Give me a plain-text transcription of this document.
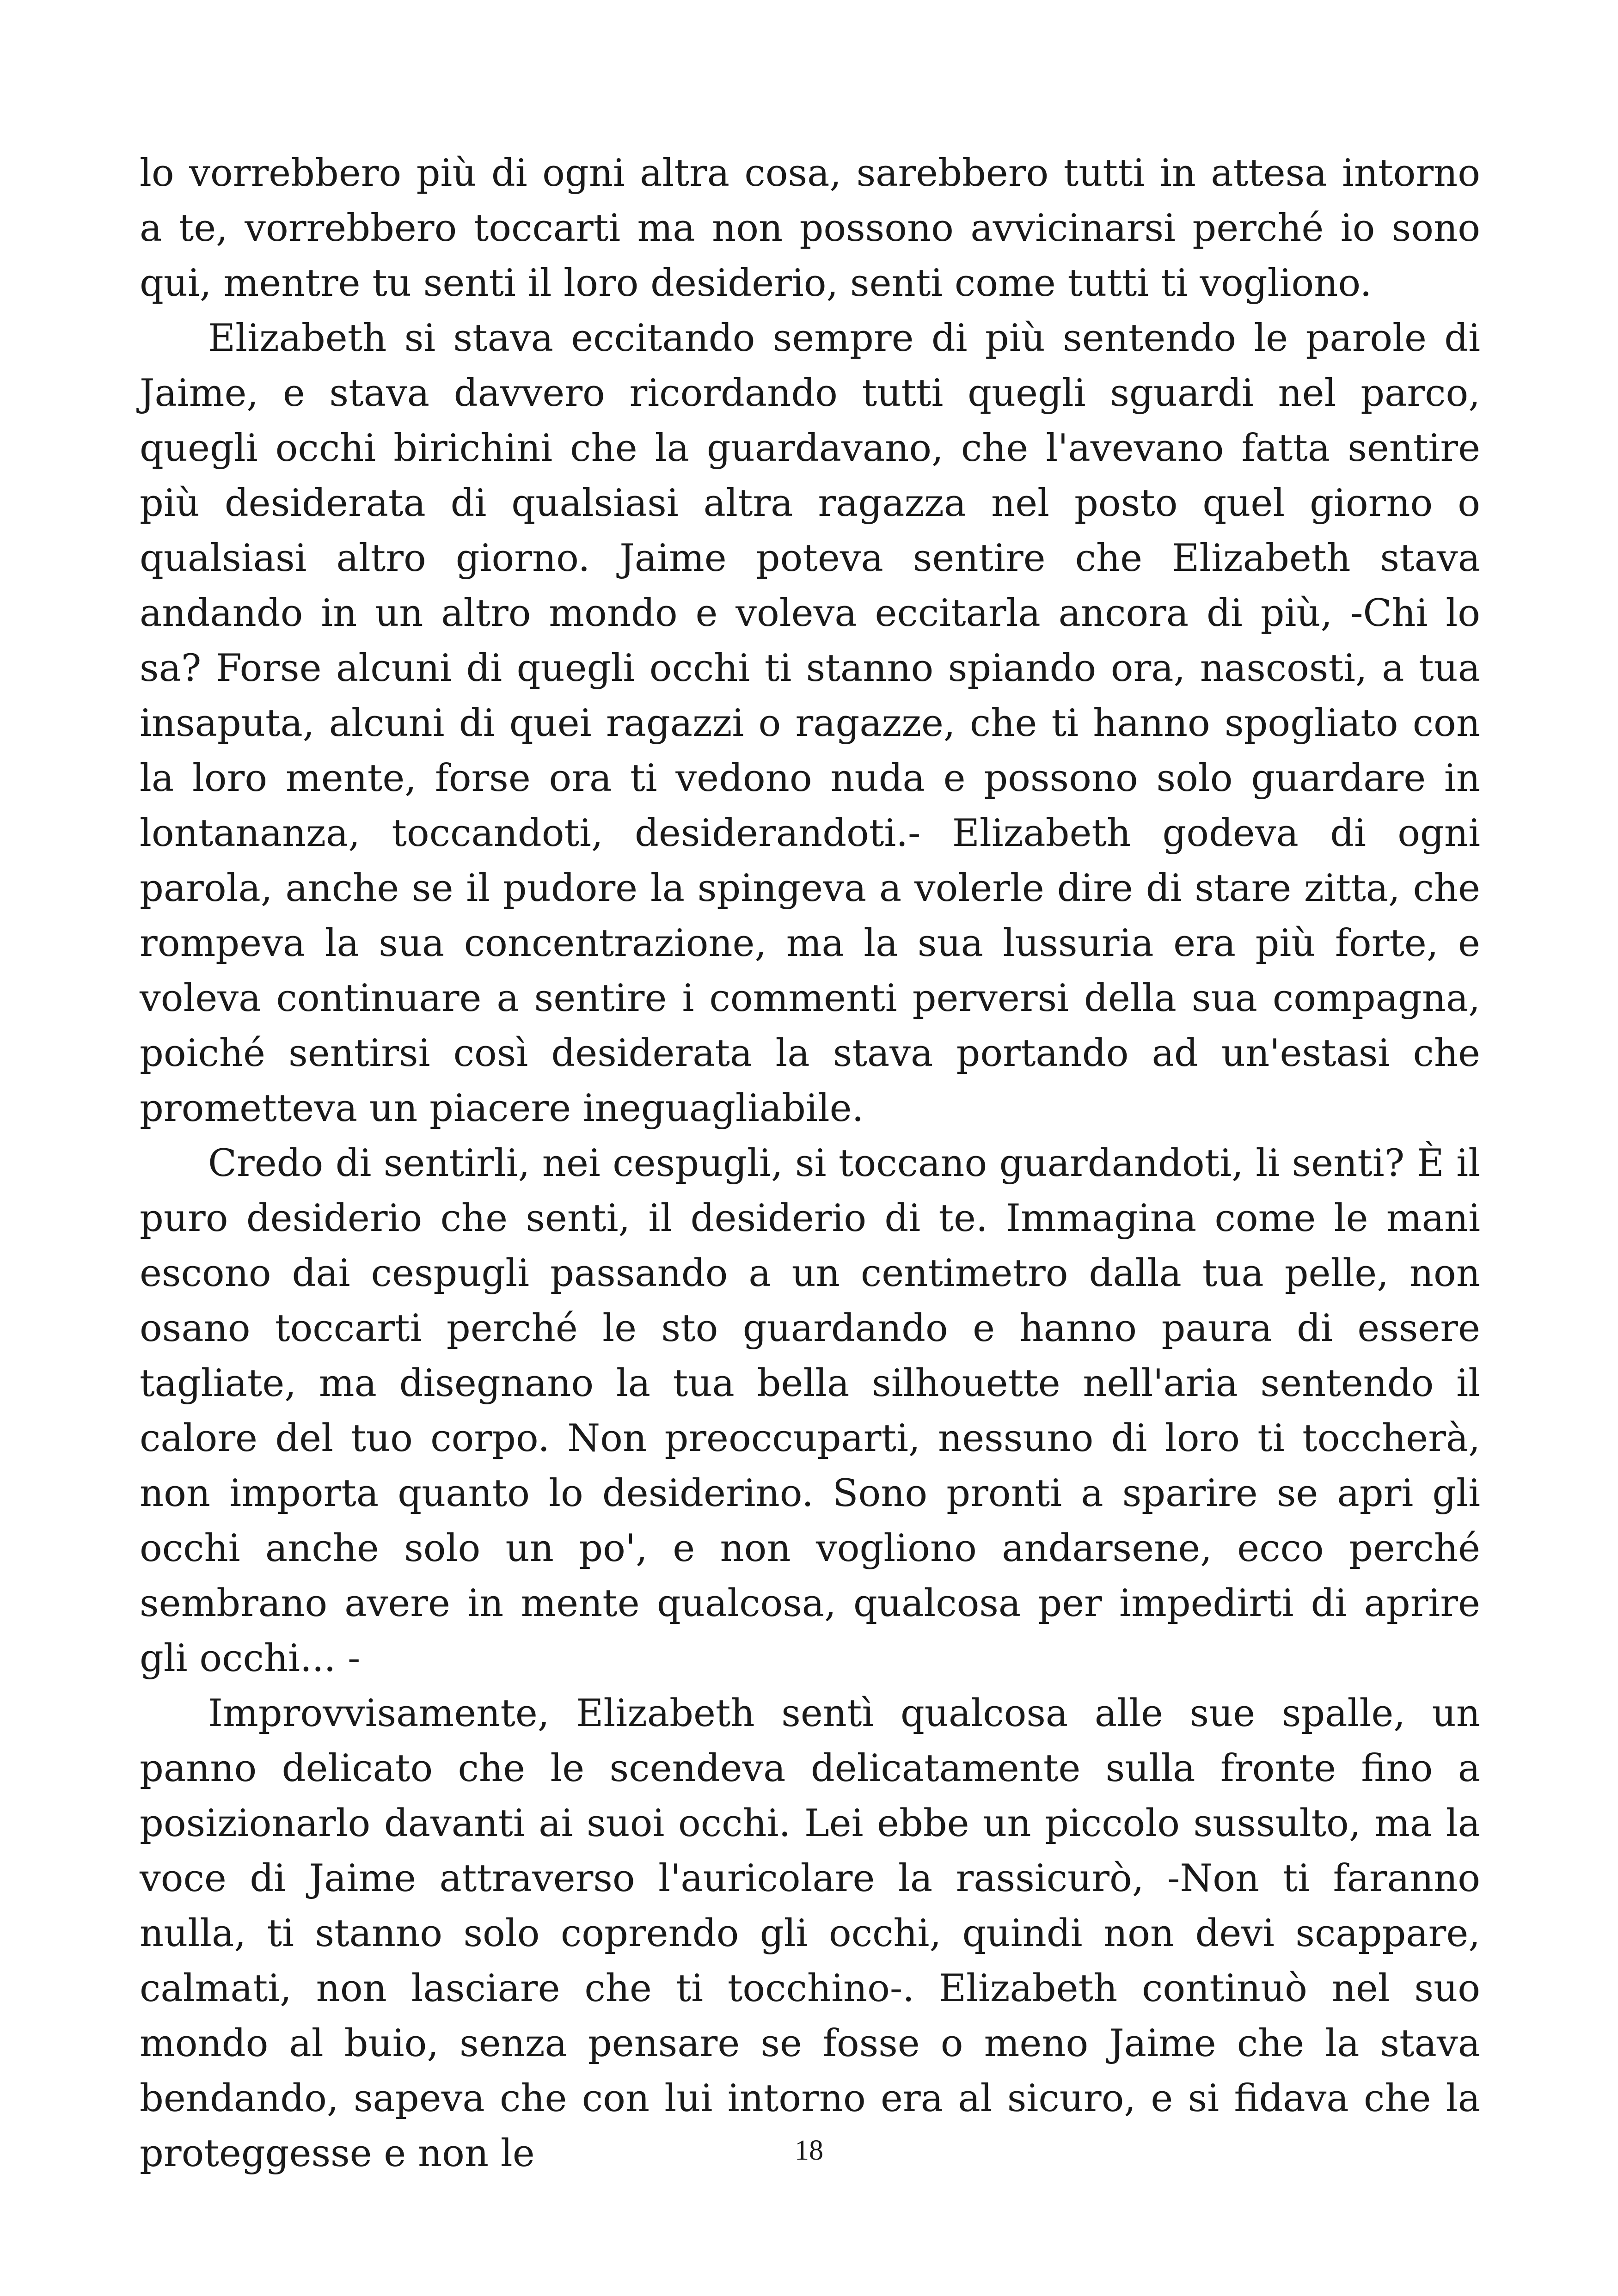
lo vorrebbero più di ogni altra cosa, sarebbero tutti in attesa intorno a te, vorrebbero toccarti ma non possono avvicinarsi perché io sono qui, mentre tu senti il loro desiderio, senti come tutti ti vogliono.

Elizabeth si stava eccitando sempre di più sentendo le parole di Jaime, e stava davvero ricordando tutti quegli sguardi nel parco, quegli occhi birichini che la guardavano, che l'avevano fatta sentire più desiderata di qualsiasi altra ragazza nel posto quel giorno o qualsiasi altro giorno. Jaime poteva sentire che Elizabeth stava andando in un altro mondo e voleva eccitarla ancora di più, -Chi lo sa? Forse alcuni di quegli occhi ti stanno spiando ora, nascosti, a tua insaputa, alcuni di quei ragazzi o ragazze, che ti hanno spogliato con la loro mente, forse ora ti vedono nuda e possono solo guardare in lontananza, toccandoti, desiderandoti.- Elizabeth godeva di ogni parola, anche se il pudore la spingeva a volerle dire di stare zitta, che rompeva la sua concentrazione, ma la sua lussuria era più forte, e voleva continuare a sentire i commenti perversi della sua compagna, poiché sentirsi così desiderata la stava portando ad un'estasi che prometteva un piacere ineguagliabile.

Credo di sentirli, nei cespugli, si toccano guardandoti, li senti? È il puro desiderio che senti, il desiderio di te. Immagina come le mani escono dai cespugli passando a un centimetro dalla tua pelle, non osano toccarti perché le sto guardando e hanno paura di essere tagliate, ma disegnano la tua bella silhouette nell'aria sentendo il calore del tuo corpo. Non preoccuparti, nessuno di loro ti toccherà, non importa quanto lo desiderino. Sono pronti a sparire se apri gli occhi anche solo un po', e non vogliono andarsene, ecco perché sembrano avere in mente qualcosa, qualcosa per impedirti di aprire gli occhi... -

Improvvisamente, Elizabeth sentì qualcosa alle sue spalle, un panno delicato che le scendeva delicatamente sulla fronte fino a posizionarlo davanti ai suoi occhi. Lei ebbe un piccolo sussulto, ma la voce di Jaime attraverso l'auricolare la rassicurò, -Non ti faranno nulla, ti stanno solo coprendo gli occhi, quindi non devi scappare, calmati, non lasciare che ti tocchino-. Elizabeth continuò nel suo mondo al buio, senza pensare se fosse o meno Jaime che la stava bendando, sapeva che con lui intorno era al sicuro, e si fidava che la proteggesse e non le	18
